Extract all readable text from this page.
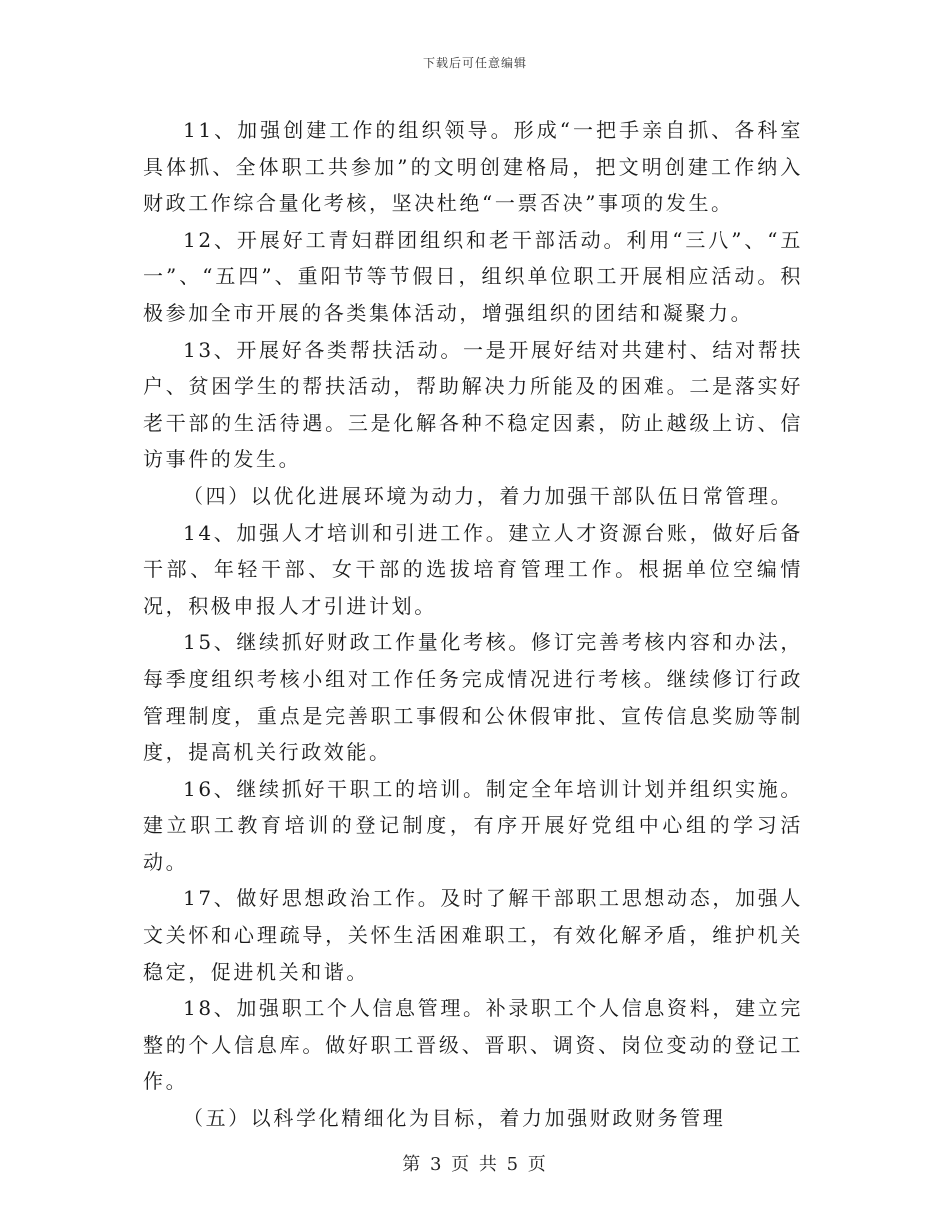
下载后可任意编辑

11、加强创建工作的组织领导。形成“一把手亲自抓、各科室具体抓、全体职工共参加”的文明创建格局，把文明创建工作纳入财政工作综合量化考核，坚决杜绝“一票否决”事项的发生。

12、开展好工青妇群团组织和老干部活动。利用“三八”、“五一”、“五四”、重阳节等节假日，组织单位职工开展相应活动。积极参加全市开展的各类集体活动，增强组织的团结和凝聚力。

13、开展好各类帮扶活动。一是开展好结对共建村、结对帮扶户、贫困学生的帮扶活动，帮助解决力所能及的困难。二是落实好老干部的生活待遇。三是化解各种不稳定因素，防止越级上访、信访事件的发生。

（四）以优化进展环境为动力，着力加强干部队伍日常管理。

14、加强人才培训和引进工作。建立人才资源台账，做好后备干部、年轻干部、女干部的选拔培育管理工作。根据单位空编情况，积极申报人才引进计划。

15、继续抓好财政工作量化考核。修订完善考核内容和办法，每季度组织考核小组对工作任务完成情况进行考核。继续修订行政管理制度，重点是完善职工事假和公休假审批、宣传信息奖励等制度，提高机关行政效能。

16、继续抓好干职工的培训。制定全年培训计划并组织实施。建立职工教育培训的登记制度，有序开展好党组中心组的学习活动。

17、做好思想政治工作。及时了解干部职工思想动态，加强人文关怀和心理疏导，关怀生活困难职工，有效化解矛盾，维护机关稳定，促进机关和谐。

18、加强职工个人信息管理。补录职工个人信息资料，建立完整的个人信息库。做好职工晋级、晋职、调资、岗位变动的登记工作。

（五）以科学化精细化为目标，着力加强财政财务管理

第 3 页 共 5 页
